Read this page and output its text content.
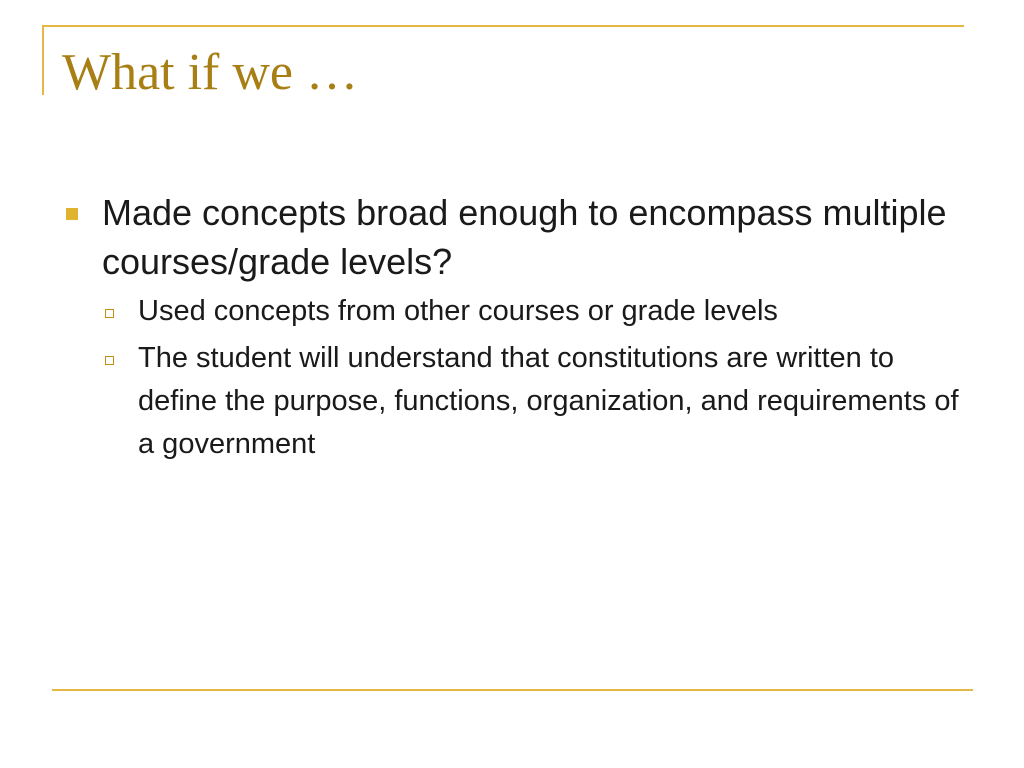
What if we …
Made concepts broad enough to encompass multiple courses/grade levels?
Used concepts from other courses or grade levels
The student will understand that constitutions are written to define the purpose, functions, organization, and requirements of a government
